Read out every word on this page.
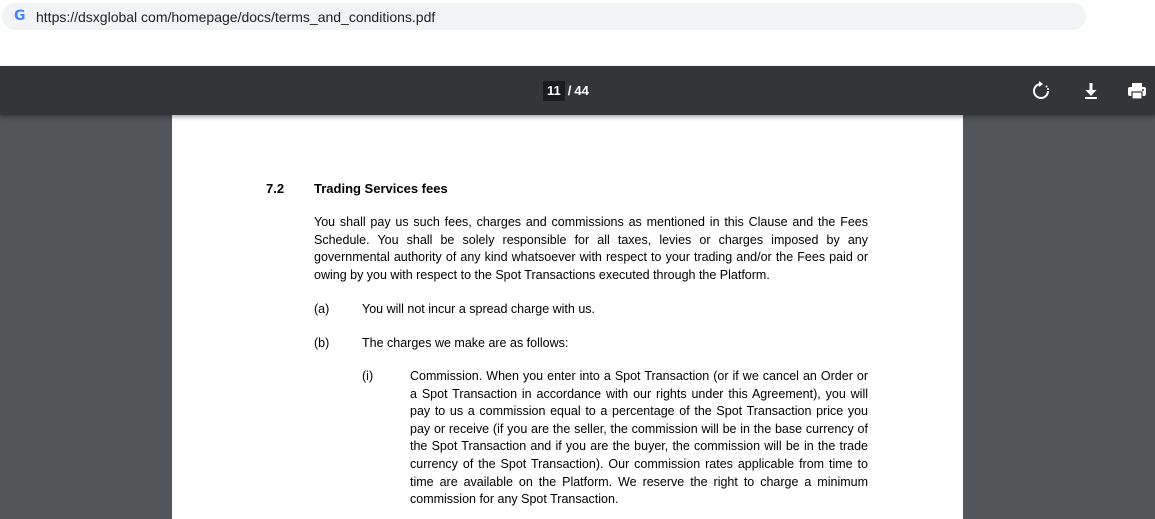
G https://dsxglobal com/homepage/docs/terms_and_conditions.pdf
11 / 44
7.2 Trading Services fees
You shall pay us such fees, charges and commissions as mentioned in this Clause and the Fees Schedule. You shall be solely responsible for all taxes, levies or charges imposed by any governmental authority of any kind whatsoever with respect to your trading and/or the Fees paid or owing by you with respect to the Spot Transactions executed through the Platform.
(a)	You will not incur a spread charge with us.
(b)	The charges we make are as follows:
(i)	Commission. When you enter into a Spot Transaction (or if we cancel an Order or a Spot Transaction in accordance with our rights under this Agreement), you will pay to us a commission equal to a percentage of the Spot Transaction price you pay or receive (if you are the seller, the commission will be in the base currency of the Spot Transaction and if you are the buyer, the commission will be in the trade currency of the Spot Transaction). Our commission rates applicable from time to time are available on the Platform. We reserve the right to charge a minimum commission for any Spot Transaction.
